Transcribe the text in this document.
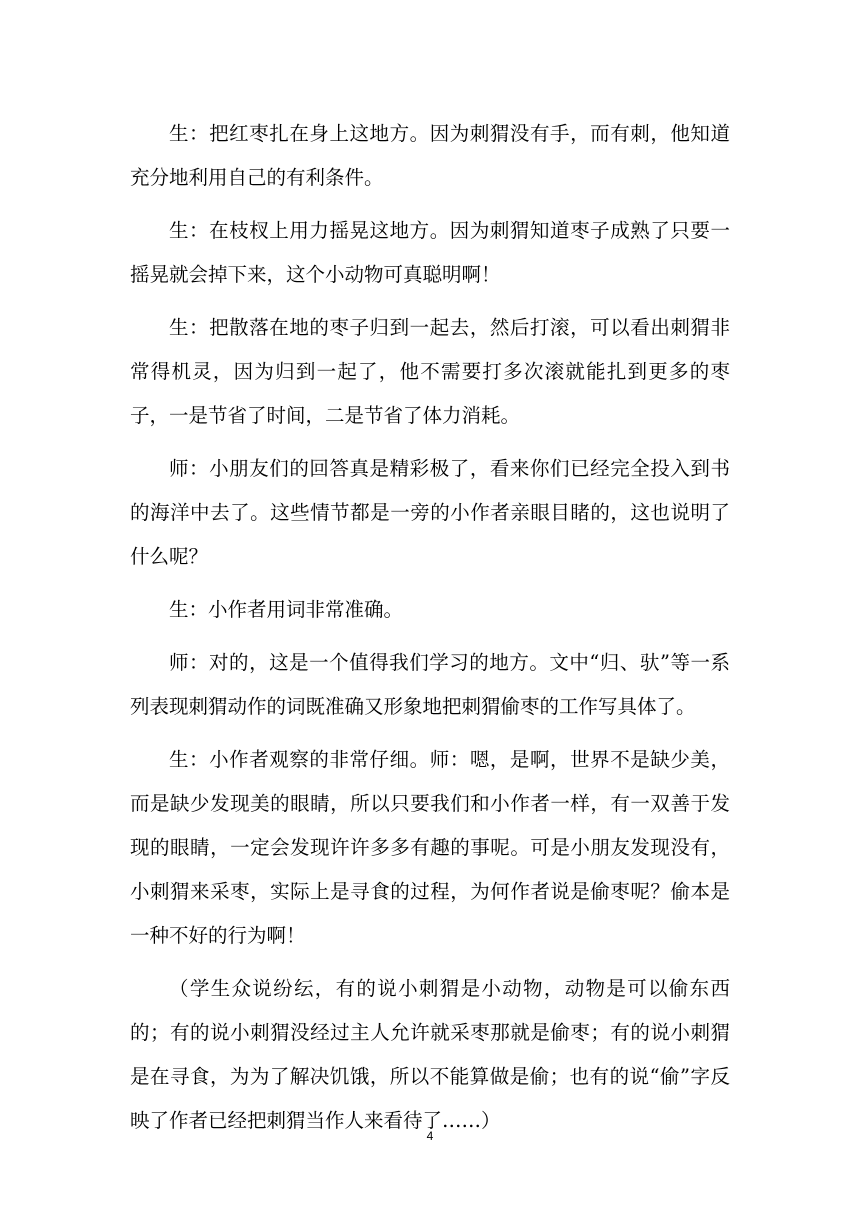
生：把红枣扎在身上这地方。因为刺猬没有手，而有刺，他知道充分地利用自己的有利条件。

生：在枝杈上用力摇晃这地方。因为刺猬知道枣子成熟了只要一摇晃就会掉下来，这个小动物可真聪明啊！

生：把散落在地的枣子归到一起去，然后打滚，可以看出刺猬非常得机灵，因为归到一起了，他不需要打多次滚就能扎到更多的枣子，一是节省了时间，二是节省了体力消耗。

师：小朋友们的回答真是精彩极了，看来你们已经完全投入到书的海洋中去了。这些情节都是一旁的小作者亲眼目睹的，这也说明了什么呢？

生：小作者用词非常准确。

师：对的，这是一个值得我们学习的地方。文中“归、驮”等一系列表现刺猬动作的词既准确又形象地把刺猬偷枣的工作写具体了。

生：小作者观察的非常仔细。师：嗯，是啊，世界不是缺少美，而是缺少发现美的眼睛，所以只要我们和小作者一样，有一双善于发现的眼睛，一定会发现许许多多有趣的事呢。可是小朋友发现没有，小刺猬来采枣，实际上是寻食的过程，为何作者说是偷枣呢？偷本是一种不好的行为啊！

（学生众说纷纭，有的说小刺猬是小动物，动物是可以偷东西的；有的说小刺猬没经过主人允许就采枣那就是偷枣；有的说小刺猬是在寻食，为为了解决饥饿，所以不能算做是偷；也有的说“偷”字反映了作者已经把刺猬当作人来看待了……）

4
